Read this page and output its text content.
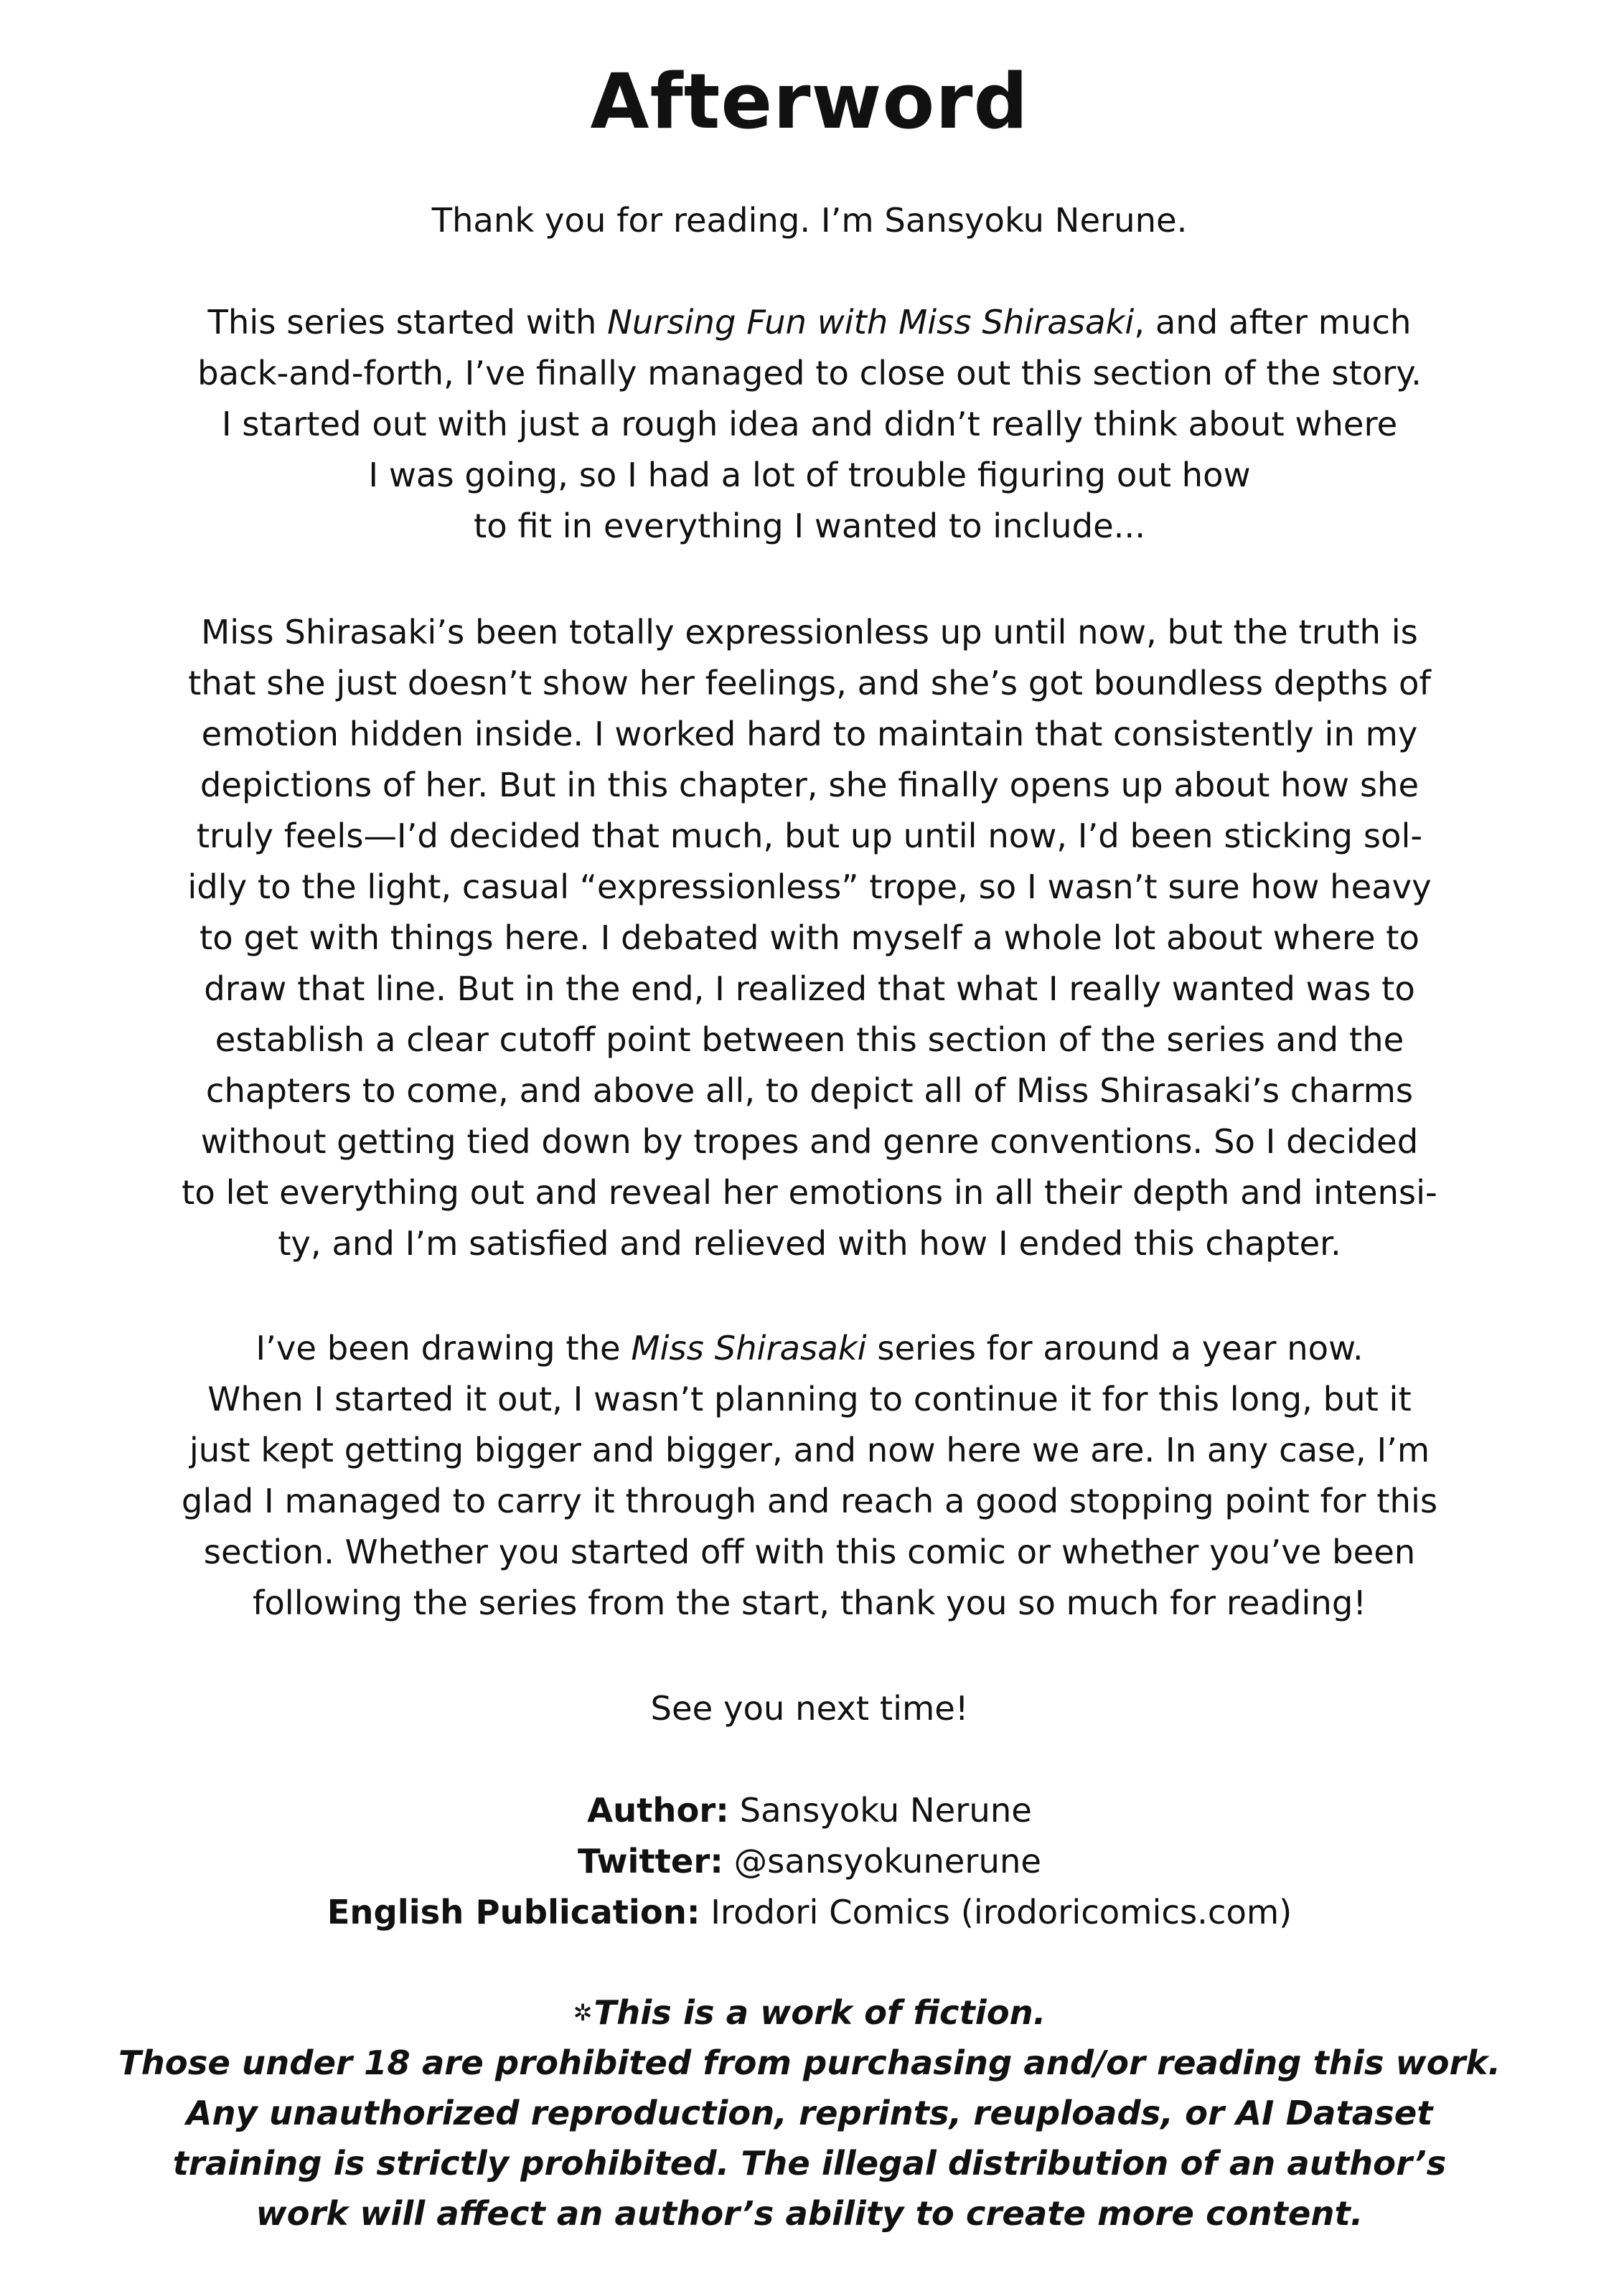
Afterword
Thank you for reading. I’m Sansyoku Nerune.
This series started with Nursing Fun with Miss Shirasaki, and after much
back-and-forth, I’ve finally managed to close out this section of the story.
I started out with just a rough idea and didn’t really think about where
I was going, so I had a lot of trouble figuring out how
to fit in everything I wanted to include...
Miss Shirasaki’s been totally expressionless up until now, but the truth is
that she just doesn’t show her feelings, and she’s got boundless depths of
emotion hidden inside. I worked hard to maintain that consistently in my
depictions of her. But in this chapter, she finally opens up about how she
truly feels—I’d decided that much, but up until now, I’d been sticking sol-
idly to the light, casual “expressionless” trope, so I wasn’t sure how heavy
to get with things here. I debated with myself a whole lot about where to
draw that line. But in the end, I realized that what I really wanted was to
establish a clear cutoff point between this section of the series and the
chapters to come, and above all, to depict all of Miss Shirasaki’s charms
without getting tied down by tropes and genre conventions. So I decided
to let everything out and reveal her emotions in all their depth and intensi-
ty, and I’m satisfied and relieved with how I ended this chapter.
I’ve been drawing the Miss Shirasaki series for around a year now.
When I started it out, I wasn’t planning to continue it for this long, but it
just kept getting bigger and bigger, and now here we are. In any case, I’m
glad I managed to carry it through and reach a good stopping point for this
section. Whether you started off with this comic or whether you’ve been
following the series from the start, thank you so much for reading!
See you next time!
Author: Sansyoku Nerune
Twitter: @sansyokunerune
English Publication: Irodori Comics (irodoricomics.com)
✲This is a work of fiction.
Those under 18 are prohibited from purchasing and/or reading this work.
Any unauthorized reproduction, reprints, reuploads, or AI Dataset
training is strictly prohibited. The illegal distribution of an author’s
work will affect an author’s ability to create more content.
